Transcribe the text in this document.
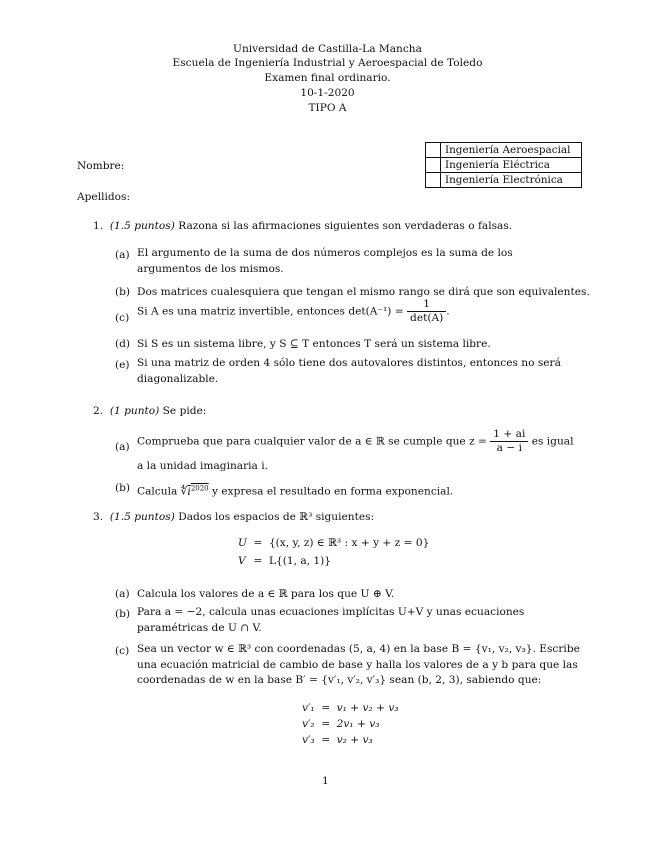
Universidad de Castilla-La Mancha
Escuela de Ingeniería Industrial y Aeroespacial de Toledo
Examen final ordinario.
10-1-2020
TIPO A
	Ingeniería Aeroespacial
	Ingeniería Eléctrica
	Ingeniería Electrónica
Nombre:
Apellidos:
1. (1.5 puntos) Razona si las afirmaciones siguientes son verdaderas o falsas.
(a) El argumento de la suma de dos números complejos es la suma de los argumentos de los mismos.
(b) Dos matrices cualesquiera que tengan el mismo rango se dirá que son equivalentes.
(c)
Si A es una matriz invertible, entonces $\det(A^{-1}) = \frac{1}{\det(A)}$ .
(d) Si S es un sistema libre, y S ⊆ T entonces T será un sistema libre.
(e) Si una matriz de orden 4 sólo tiene dos autovalores distintos, entonces no será diagonalizable.
2. (1 punto) Se pide:
(a) Comprueba que para cualquier valor de a ∈ ℝ se cumple que $z = \frac{1 + ai}{a - i}$ es igual
a la unidad imaginaria i.
(b) Calcula $∜i^{2020}$ y expresa el resultado en forma exponencial.
3. (1.5 puntos) Dados los espacios de ℝ³ siguientes:
U = {(x, y, z) ∈ ℝ³ : x + y + z = 0}
V = L{(1, a, 1)}
(a) Calcula los valores de a ∈ ℝ para los que U ⊕ V.
(b) Para a = −2, calcula unas ecuaciones implícitas U+V y unas ecuaciones paramétricas de U ∩ V.
(c) Sea un vector w ∈ ℝ³ con coordenadas (5, a, 4) en la base B = {v₁, v₂, v₃}. Escribe una ecuación matricial de cambio de base y halla los valores de a y b para que las coordenadas de w en la base B′ = {v′₁, v′₂, v′₃} sean (b, 2, 3), sabiendo que:
v′₁ = v₁ + v₂ + v₃
v′₂ = 2v₁ + v₃
v′₃ = v₂ + v₃
1
